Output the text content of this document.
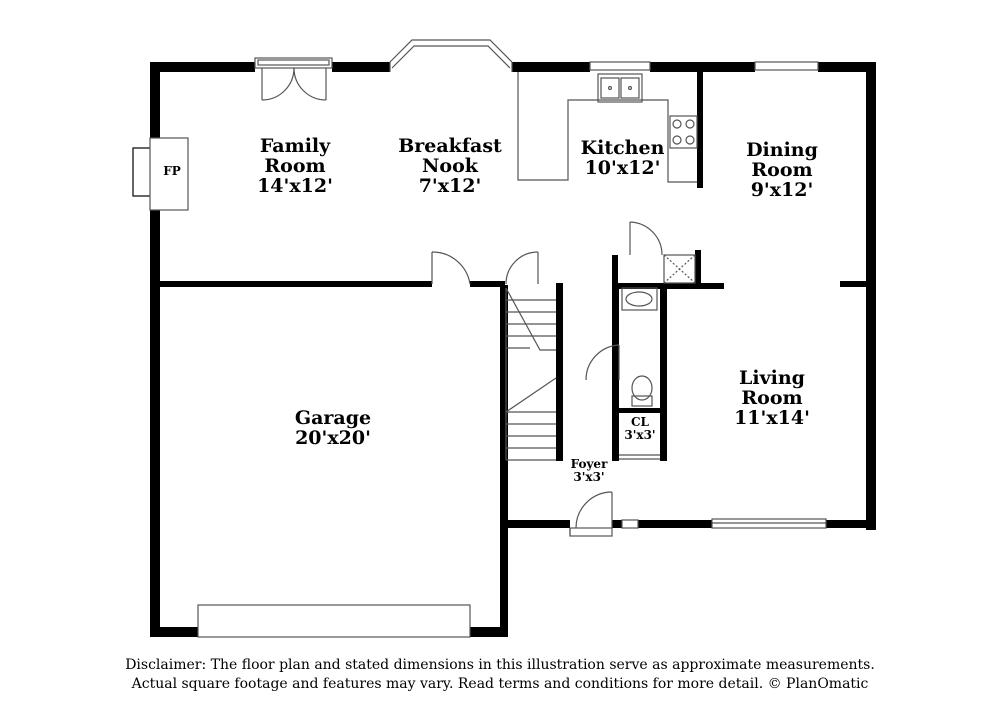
FP
Family
Room
14'x12'
Breakfast
Nook
7'x12'
Kitchen
10'x12'
Dining
Room
9'x12'
Garage
20'x20'
Living
Room
11'x14'
CL
3'x3'
Foyer
3'x3'
Disclaimer: The floor plan and stated dimensions in this illustration serve as approximate measurements.
Actual square footage and features may vary. Read terms and conditions for more detail. © PlanOmatic
